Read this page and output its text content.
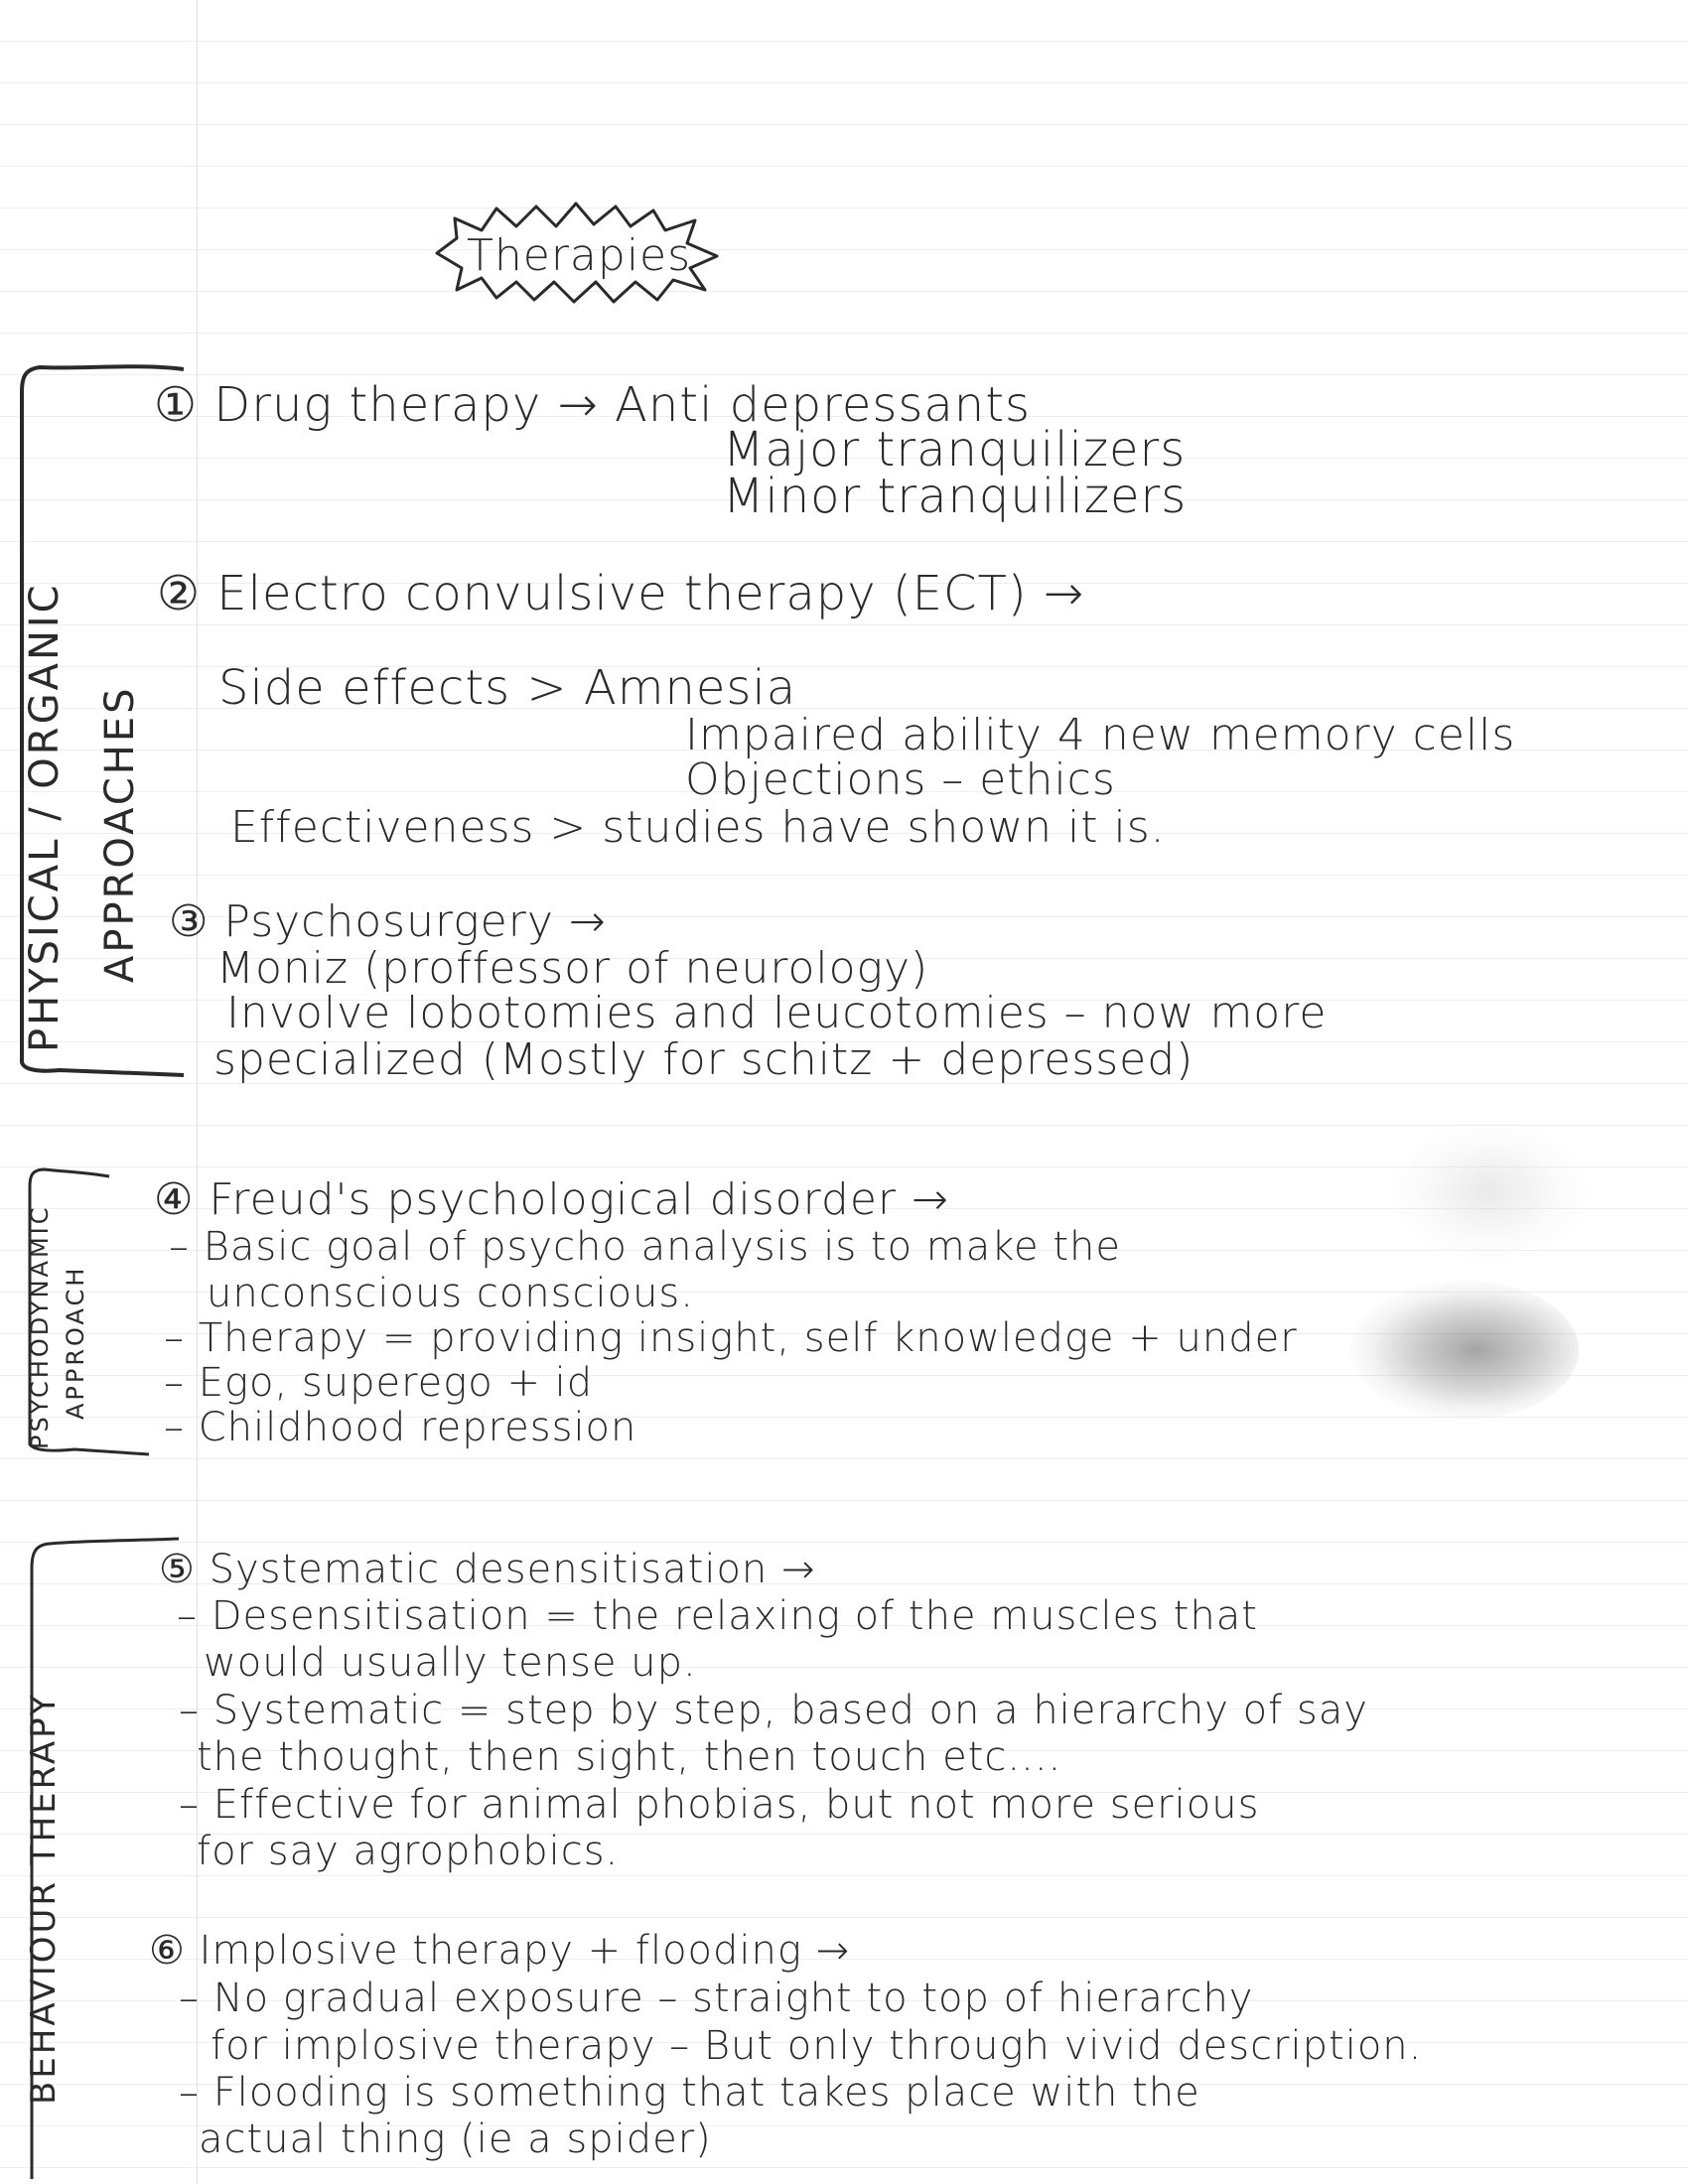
Therapies
PHYSICAL / ORGANIC APPROACHES
PSYCHODYNAMIC APPROACH
BEHAVIOUR THERAPY
① Drug therapy → Anti depressants
Major tranquilizers
Minor tranquilizers
② Electro convulsive therapy (ECT) →
Side effects > Amnesia
Impaired ability 4 new memory cells
Objections – ethics
Effectiveness > studies have shown it is.
③ Psychosurgery →
Moniz (proffessor of neurology)
Involve lobotomies and leucotomies – now more
specialized (Mostly for schitz + depressed)
④ Freud's psychological disorder →
– Basic goal of psycho analysis is to make the
unconscious conscious.
– Therapy = providing insight, self knowledge + under
– Ego, superego + id
– Childhood repression
⑤ Systematic desensitisation →
– Desensitisation = the relaxing of the muscles that
would usually tense up.
– Systematic = step by step, based on a hierarchy of say
the thought, then sight, then touch etc....
– Effective for animal phobias, but not more serious
for say agrophobics.
⑥ Implosive therapy + flooding →
– No gradual exposure – straight to top of hierarchy
for implosive therapy – But only through vivid description.
– Flooding is something that takes place with the
actual thing (ie a spider)
